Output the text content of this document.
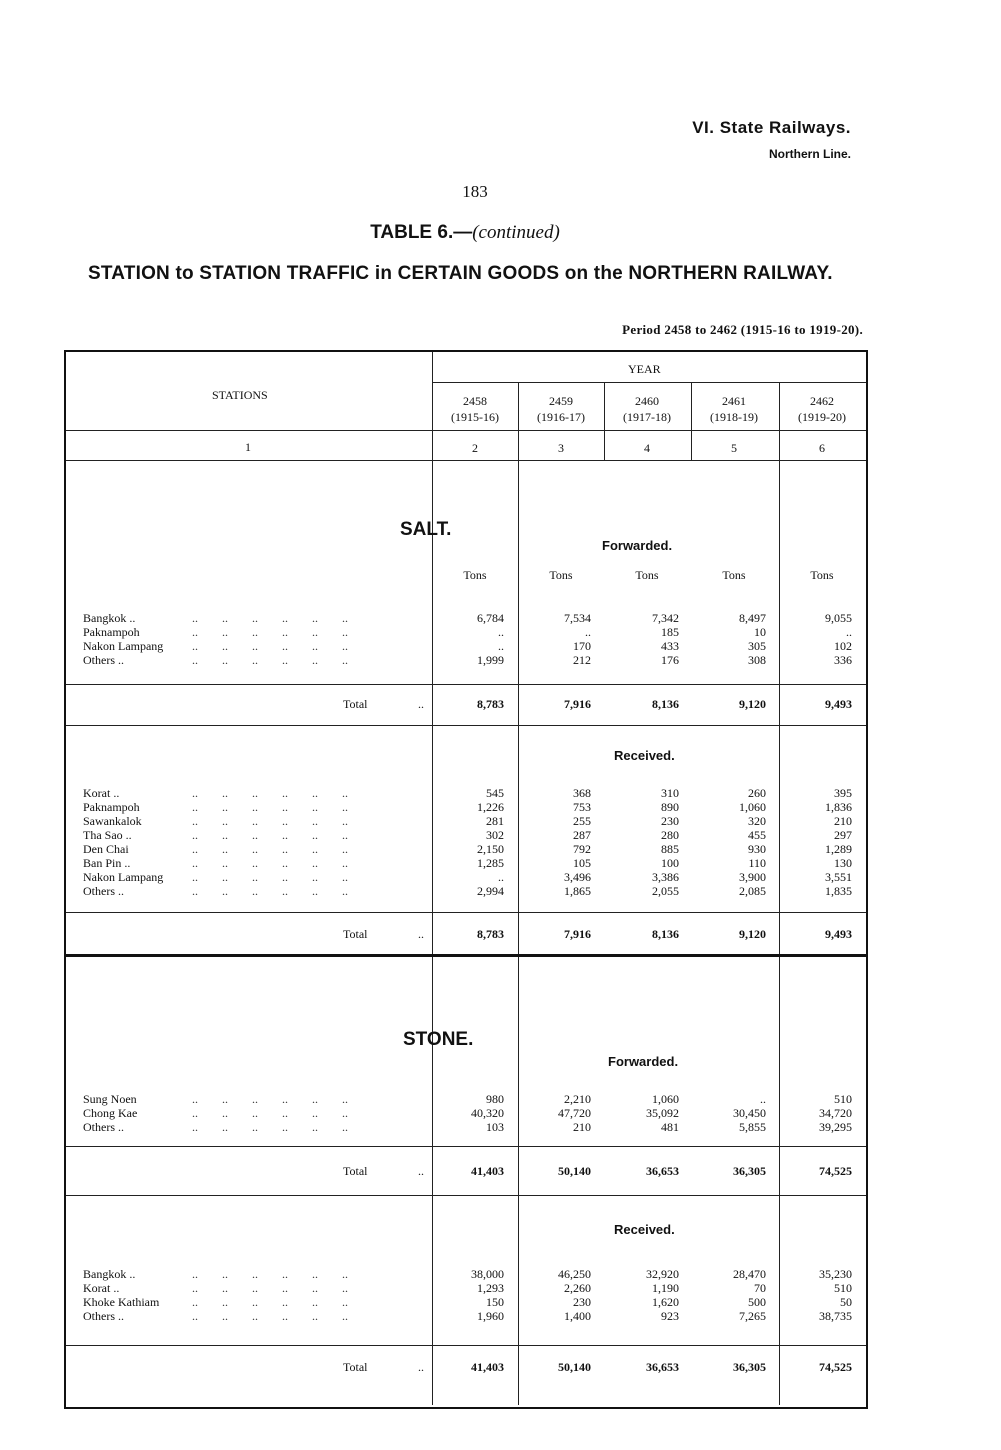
VI. State Railways.
Northern Line.
183
TABLE 6.—(continued)
STATION to STATION TRAFFIC in CERTAIN GOODS on the NORTHERN RAILWAY.
Period 2458 to 2462 (1915-16 to 1919-20).
STATIONS
YEAR
2458
(1915-16)
2459
(1916-17)
2460
(1917-18)
2461
(1918-19)
2462
(1919-20)
1	2	3	4	5	6
SALT.
Forwarded.
Tons	Tons	Tons	Tons	Tons
Received.
STONE.
Forwarded.
Received.
Bangkok ..	..        ..        ..        ..        ..        ..	6,784	7,534	7,342	8,497	9,055
Paknampoh	..        ..        ..        ..        ..        ..	..	..	185	10	..
Nakon Lampang ..        ..        ..        ..        ..        ..	..	170	433	305	102
Others ..	..        ..        ..        ..        ..        ..	1,999	212	176	308	336
Total	..	8,783	7,916	8,136	9,120	9,493
Korat ..	..        ..        ..        ..        ..        ..	545	368	310	260	395
Paknampoh	..        ..        ..        ..        ..        ..	1,226	753	890	1,060	1,836
Sawankalok	..        ..        ..        ..        ..        ..	281	255	230	320	210
Tha Sao ..	..        ..        ..        ..        ..        ..	302	287	280	455	297
Den Chai	..        ..        ..        ..        ..        ..	2,150	792	885	930	1,289
Ban Pin ..	..        ..        ..        ..        ..        ..	1,285	105	100	110	130
Nakon Lampang ..        ..        ..        ..        ..        ..	..	3,496	3,386	3,900	3,551
Others ..	..        ..        ..        ..        ..        ..	2,994	1,865	2,055	2,085	1,835
Total	..	8,783	7,916	8,136	9,120	9,493
Sung Noen	..        ..        ..        ..        ..        ..	980	2,210	1,060	..	510
Chong Kae	..        ..        ..        ..        ..        ..	40,320	47,720	35,092	30,450	34,720
Others ..	..        ..        ..        ..        ..        ..	103	210	481	5,855	39,295
Total	..	41,403	50,140	36,653	36,305	74,525
Bangkok ..	..        ..        ..        ..        ..        ..	38,000	46,250	32,920	28,470	35,230
Korat ..	..        ..        ..        ..        ..        ..	1,293	2,260	1,190	70	510
Khoke Kathiam	..        ..        ..        ..        ..        ..	150	230	1,620	500	50
Others ..	..        ..        ..        ..        ..        ..	1,960	1,400	923	7,265	38,735
Total	..	41,403	50,140	36,653	36,305	74,525
